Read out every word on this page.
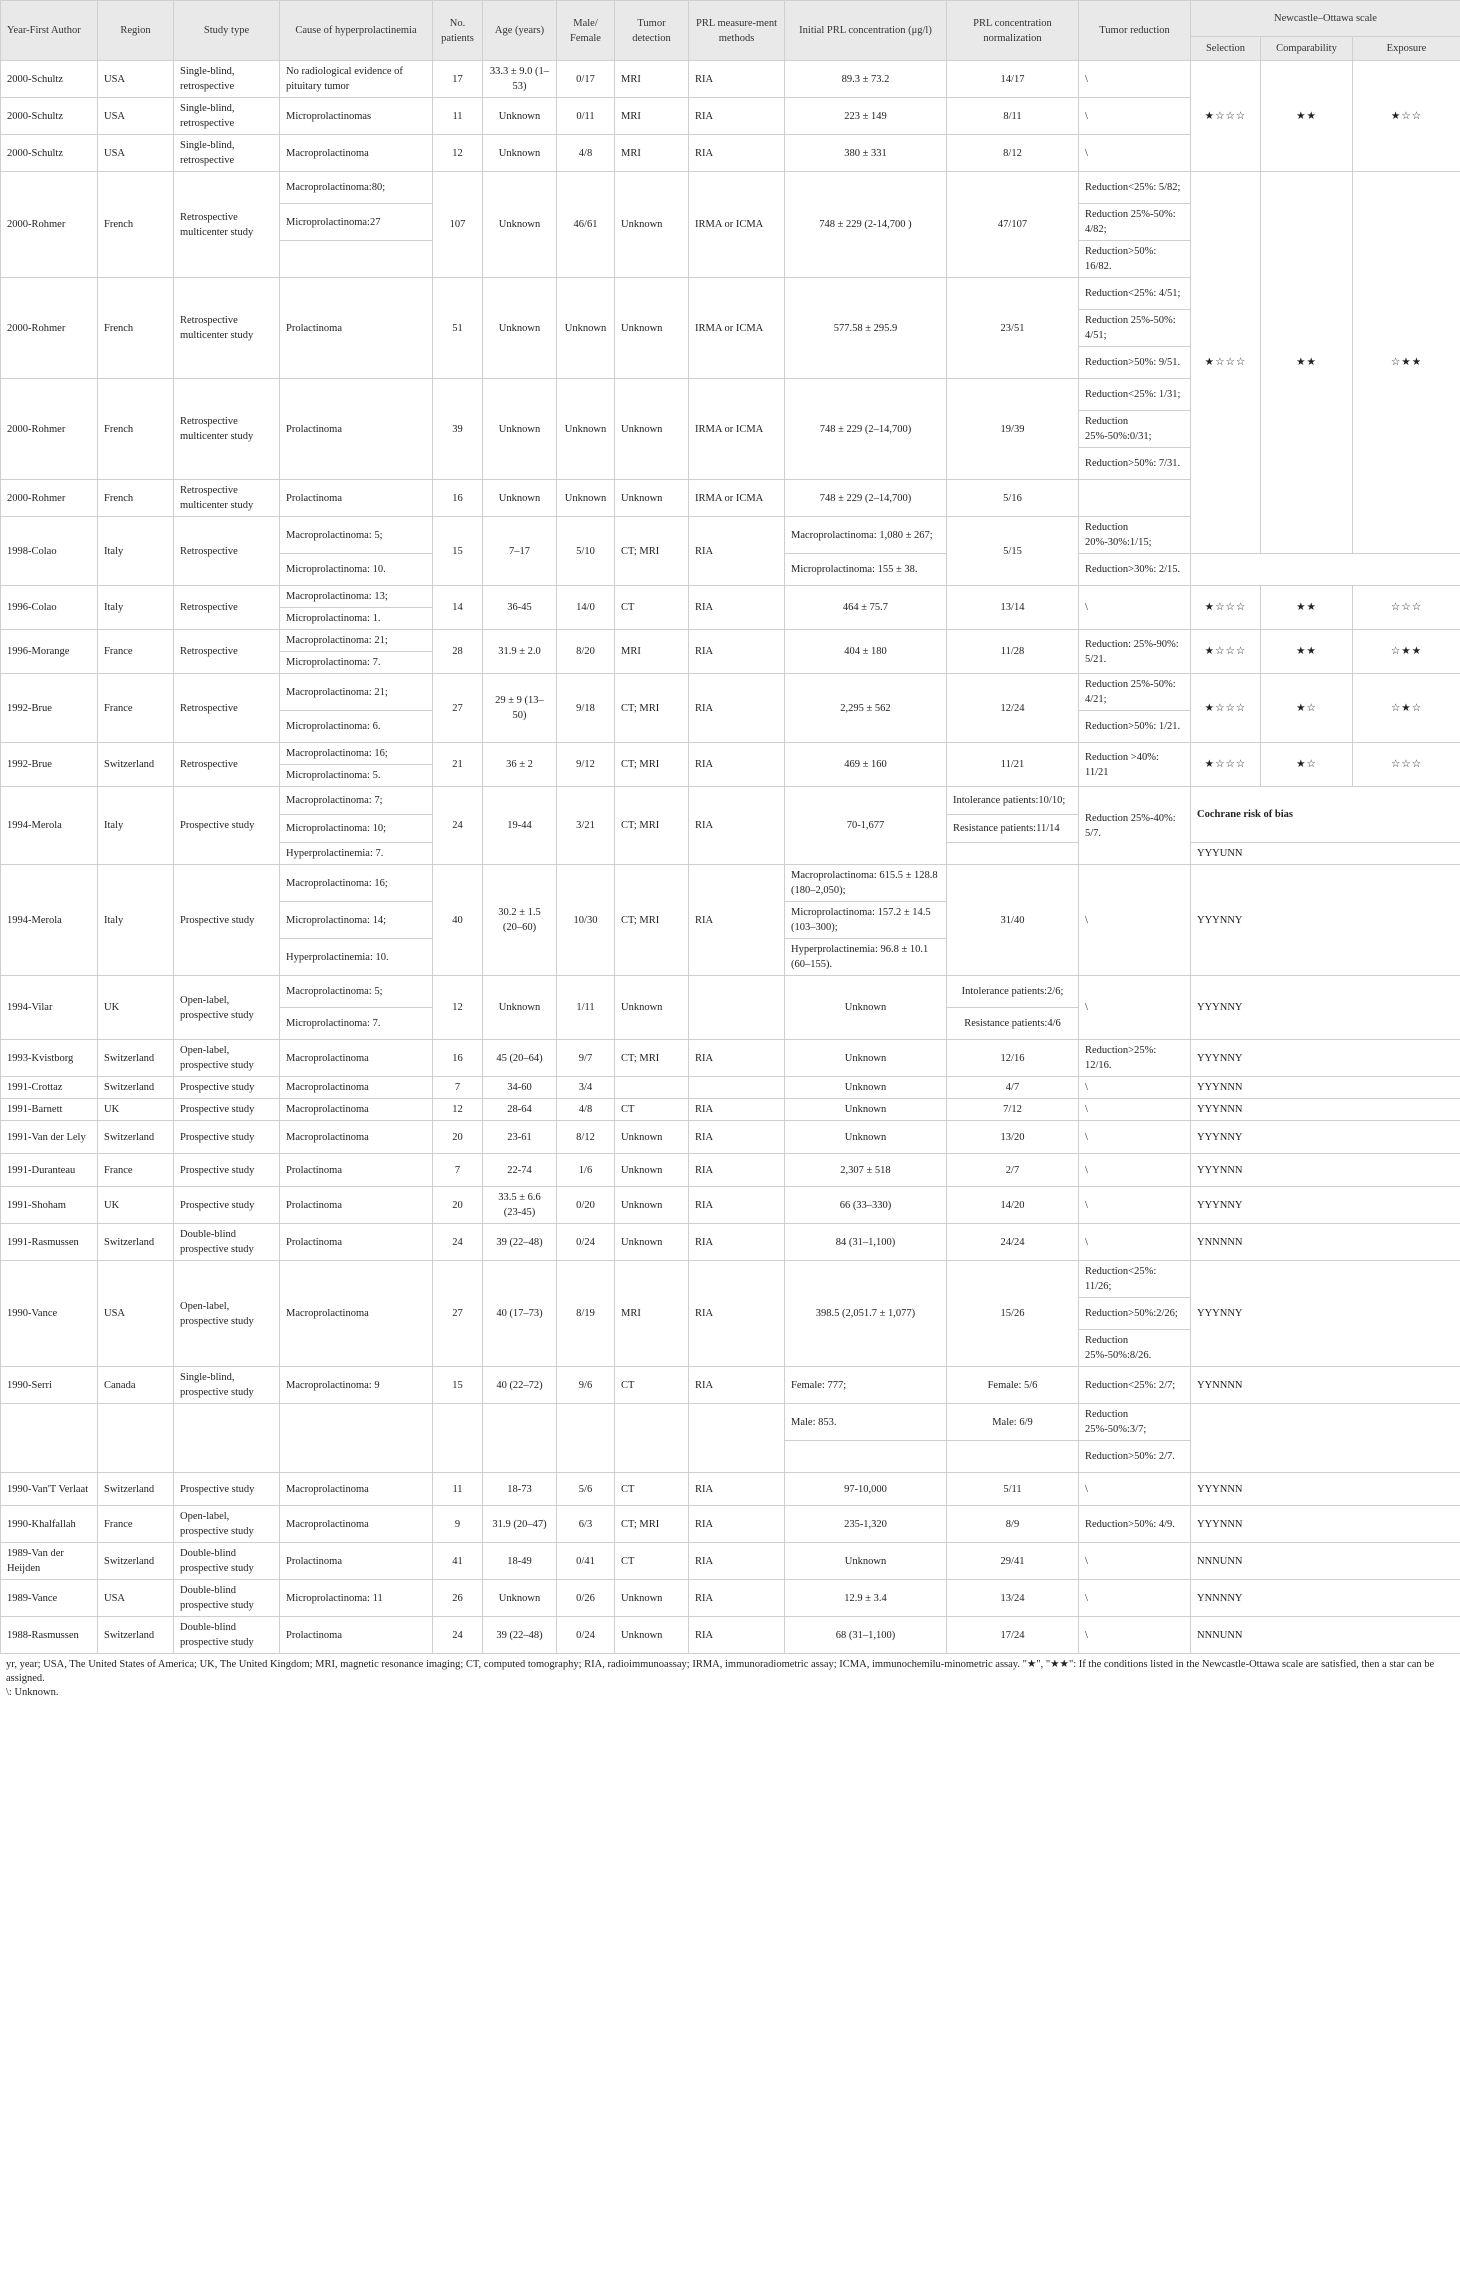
Year-First Author	Region	Study type	Cause of hyperprolactinemia	No. patients	Age (years)	Male/ Female	Tumor detection	PRL measure-ment methods	Initial PRL concentration (μg/l)	PRL concentration normalization	Tumor reduction	Newcastle–Ottawa scale			
												Selection	Comparability	Exposure	
2000-Schultz	USA	Single-blind, retrospective	No radiological evidence of pituitary tumor	17	33.3 ± 9.0 (1–53)	0/17	MRI	RIA	89.3 ± 73.2	14/17	\	★☆☆☆	★★	★☆☆	
2000-Schultz	USA	Single-blind, retrospective	Microprolactinomas	11	Unknown	0/11	MRI	RIA	223 ± 149	8/11	\				
2000-Schultz	USA	Single-blind, retrospective	Macroprolactinoma	12	Unknown	4/8	MRI	RIA	380 ± 331	8/12	\				
2000-Rohmer	French	Retrospective multicenter study	Macroprolactinoma:80;	107	Unknown	46/61	Unknown	IRMA or ICMA	748 ± 229 (2-14,700 )	47/107	Reduction<25%: 5/82;	★☆☆☆	★★	☆★★	
			Microprolactinoma:27								Reduction 25%-50%: 4/82;				
											Reduction>50%: 16/82.				
2000-Rohmer	French	Retrospective multicenter study	Prolactinoma	51	Unknown	Unknown	Unknown	IRMA or ICMA	577.58 ± 295.9	23/51	Reduction<25%: 4/51;				
											Reduction 25%-50%: 4/51;				
											Reduction>50%: 9/51.				
2000-Rohmer	French	Retrospective multicenter study	Prolactinoma	39	Unknown	Unknown	Unknown	IRMA or ICMA	748 ± 229 (2–14,700)	19/39	Reduction<25%: 1/31;				
											Reduction 25%-50%:0/31;				
											Reduction>50%: 7/31.				
2000-Rohmer	French	Retrospective multicenter study	Prolactinoma	16	Unknown	Unknown	Unknown	IRMA or ICMA	748 ± 229 (2–14,700)	5/16					
1998-Colao	Italy	Retrospective	Macroprolactinoma: 5;	15	7–17	5/10	CT; MRI	RIA	Macroprolactinoma: 1,080 ± 267;	5/15	Reduction 20%-30%:1/15;			
			Microprolactinoma: 10.						Microprolactinoma: 155 ± 38.		Reduction>30%: 2/15.				
1996-Colao	Italy	Retrospective	Macroprolactinoma: 13;	14	36-45	14/0	CT	RIA	464 ± 75.7	13/14	\	★☆☆☆	★★	☆☆☆	
			Microprolactinoma: 1.												
1996-Morange	France	Retrospective	Macroprolactinoma: 21;	28	31.9 ± 2.0	8/20	MRI	RIA	404 ± 180	11/28	Reduction: 25%-90%: 5/21.	★☆☆☆	★★	☆★★	
			Microprolactinoma: 7.												
1992-Brue	France	Retrospective	Macroprolactinoma: 21;	27	29 ± 9 (13–50)	9/18	CT; MRI	RIA	2,295 ± 562	12/24	Reduction 25%-50%: 4/21;	★☆☆☆	★☆	☆★☆	
			Microprolactinoma: 6.								Reduction>50%: 1/21.				
1992-Brue	Switzerland	Retrospective	Macroprolactinoma: 16;	21	36 ± 2	9/12	CT; MRI	RIA	469 ± 160	11/21	Reduction >40%: 11/21	★☆☆☆	★☆	☆☆☆	
			Microprolactinoma: 5.												
1994-Merola	Italy	Prospective study	Macroprolactinoma: 7;	24	19-44	3/21	CT; MRI	RIA	70-1,677	Intolerance patients:10/10;	Reduction 25%-40%: 5/7.	Cochrane risk of bias			
			Microprolactinoma: 10;							Resistance patients:11/14					
			Hyperprolactinemia: 7.									YYYUNN			
1994-Merola	Italy	Prospective study	Macroprolactinoma: 16;	40	30.2 ± 1.5 (20–60)	10/30	CT; MRI	RIA	Macroprolactinoma: 615.5 ± 128.8 (180–2,050);	31/40	\	YYYNNY			
			Microprolactinoma: 14;						Microprolactinoma: 157.2 ± 14.5 (103–300);						
			Hyperprolactinemia: 10.						Hyperprolactinemia: 96.8 ± 10.1 (60–155).						
1994-Vilar	UK	Open-label, prospective study	Macroprolactinoma: 5;	12	Unknown	1/11	Unknown		Unknown	Intolerance patients:2/6;	\	YYYNNY			
			Microprolactinoma: 7.							Resistance patients:4/6					
1993-Kvistborg	Switzerland	Open-label, prospective study	Macroprolactinoma	16	45 (20–64)	9/7	CT; MRI	RIA	Unknown	12/16	Reduction>25%: 12/16.	YYYNNY			
1991-Crottaz	Switzerland	Prospective study	Macroprolactinoma	7	34-60	3/4			Unknown	4/7	\	YYYNNN			
1991-Barnett	UK	Prospective study	Macroprolactinoma	12	28-64	4/8	CT	RIA	Unknown	7/12	\	YYYNNN			
1991-Van der Lely	Switzerland	Prospective study	Macroprolactinoma	20	23-61	8/12	Unknown	RIA	Unknown	13/20	\	YYYNNY			
1991-Duranteau	France	Prospective study	Prolactinoma	7	22-74	1/6	Unknown	RIA	2,307 ± 518	2/7	\	YYYNNN			
1991-Shoham	UK	Prospective study	Prolactinoma	20	33.5 ± 6.6 (23-45)	0/20	Unknown	RIA	66 (33–330)	14/20	\	YYYNNY			
1991-Rasmussen	Switzerland	Double-blind prospective study	Prolactinoma	24	39 (22–48)	0/24	Unknown	RIA	84 (31–1,100)	24/24	\	YNNNNN			
1990-Vance	USA	Open-label, prospective study	Macroprolactinoma	27	40 (17–73)	8/19	MRI	RIA	398.5 (2,051.7 ± 1,077)	15/26	Reduction<25%: 11/26;	YYYNNY			
											Reduction>50%:2/26;				
											Reduction 25%-50%:8/26.				
1990-Serri	Canada	Single-blind, prospective study	Macroprolactinoma: 9	15	40 (22–72)	9/6	CT	RIA	Female: 777;	Female: 5/6	Reduction<25%: 2/7;	YYNNNN			
									Male: 853.	Male: 6/9	Reduction 25%-50%:3/7;				
											Reduction>50%: 2/7.				
1990-Van'T Verlaat	Switzerland	Prospective study	Macroprolactinoma	11	18-73	5/6	CT	RIA	97-10,000	5/11	\	YYYNNN			
1990-Khalfallah	France	Open-label, prospective study	Macroprolactinoma	9	31.9 (20–47)	6/3	CT; MRI	RIA	235-1,320	8/9	Reduction>50%: 4/9.	YYYNNN			
1989-Van der Heijden	Switzerland	Double-blind prospective study	Prolactinoma	41	18-49	0/41	CT	RIA	Unknown	29/41	\	NNNUNN			
1989-Vance	USA	Double-blind prospective study	Microprolactinoma: 11	26	Unknown	0/26	Unknown	RIA	12.9 ± 3.4	13/24	\	YNNNNY			
1988-Rasmussen	Switzerland	Double-blind prospective study	Prolactinoma	24	39 (22–48)	0/24	Unknown	RIA	68 (31–1,100)	17/24	\	NNNUNN			
yr, year; USA, The United States of America; UK, The United Kingdom; MRI, magnetic resonance imaging; CT, computed tomography; RIA, radioimmunoassay; IRMA, immunoradiometric assay; ICMA, immunochemilu-minometric assay. "★", "★★": If the conditions listed in the Newcastle-Ottawa scale are satisfied, then a star can be assigned.
\: Unknown.
